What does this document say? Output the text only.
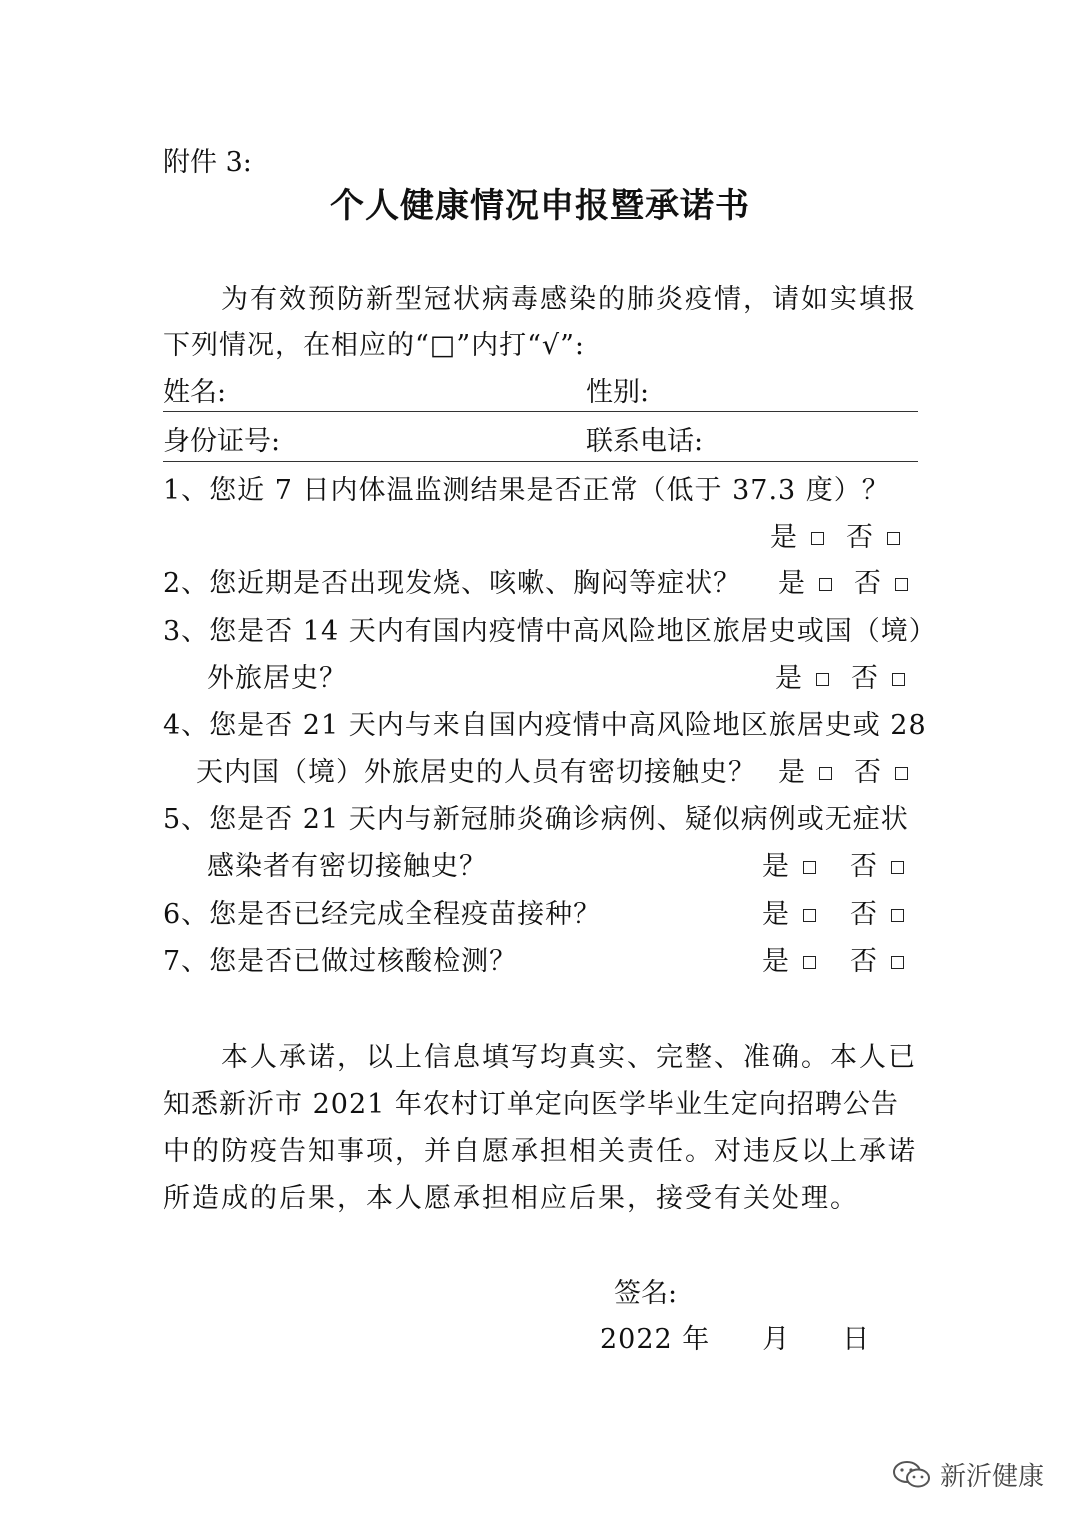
附件 3:
个人健康情况申报暨承诺书
为有效预防新型冠状病毒感染的肺炎疫情，请如实填报
下列情况，在相应的“□”内打“√”:
姓名:	性别:
身份证号:	联系电话:
1、您近 7 日内体温监测结果是否正常（低于 37.3 度）？
是 否
2、您近期是否出现发烧、咳嗽、胸闷等症状？ 是 否
3、您是否 14 天内有国内疫情中高风险地区旅居史或国（境）
外旅居史？	是 否
4、您是否 21 天内与来自国内疫情中高风险地区旅居史或 28
天内国（境）外旅居史的人员有密切接触史？ 是 否
5、您是否 21 天内与新冠肺炎确诊病例、疑似病例或无症状
感染者有密切接触史？	是 否
6、您是否已经完成全程疫苗接种？	是 否
7、您是否已做过核酸检测？	是 否
本人承诺，以上信息填写均真实、完整、准确。本人已
知悉新沂市 2021 年农村订单定向医学毕业生定向招聘公告
中的防疫告知事项，并自愿承担相关责任。对违反以上承诺
所造成的后果，本人愿承担相应后果，接受有关处理。
签名:
2022 年 月 日
新沂健康
